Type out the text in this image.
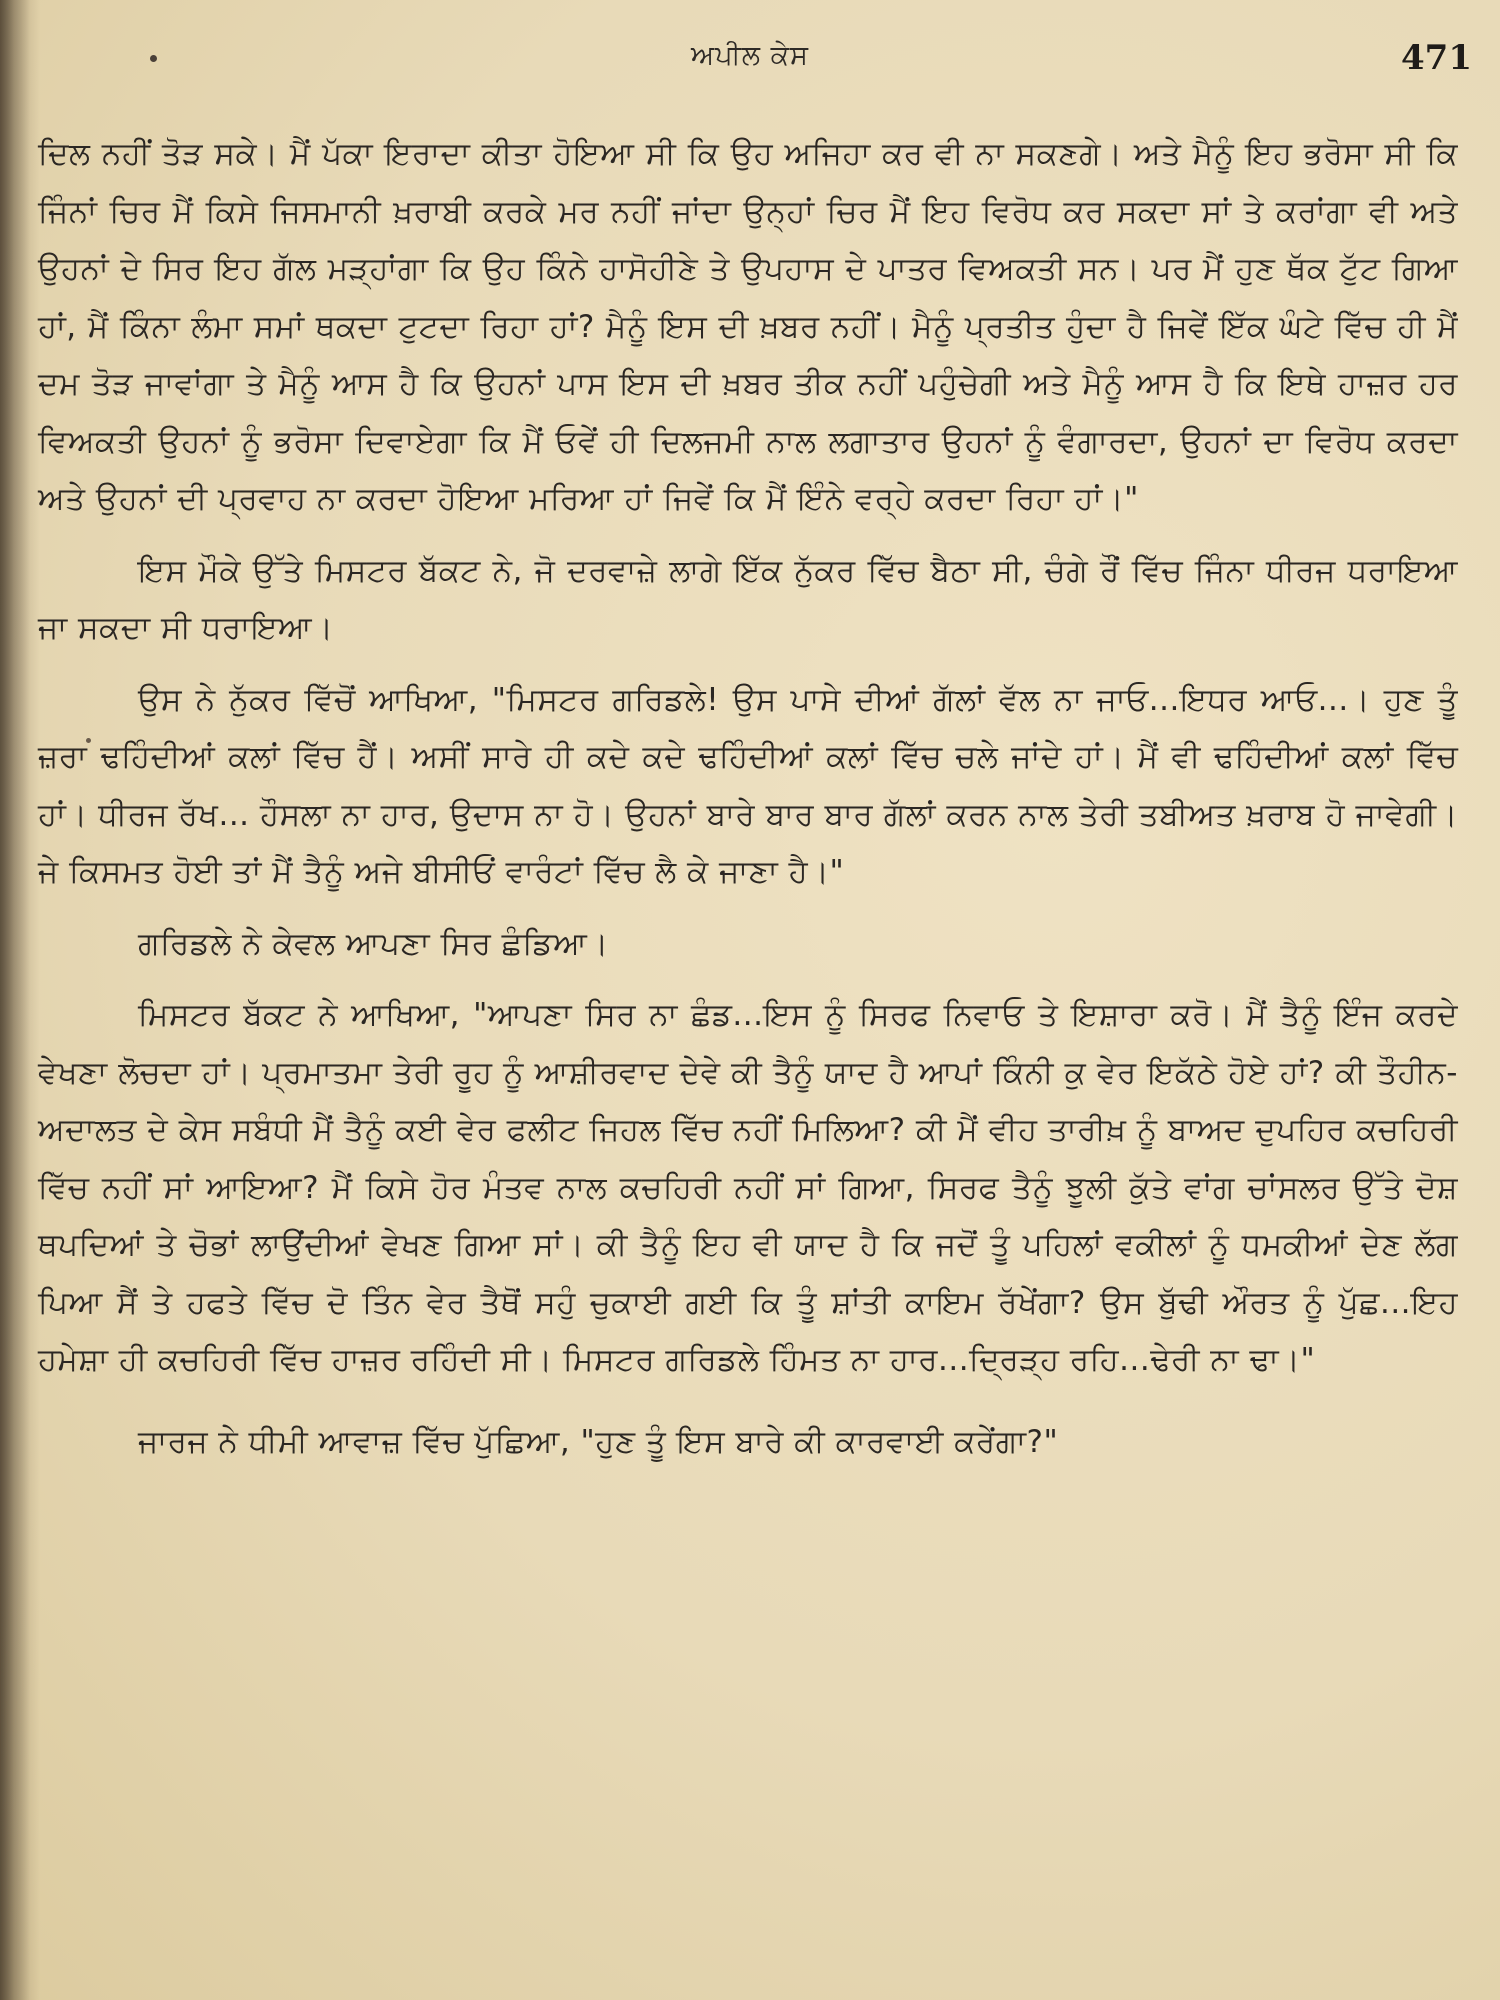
ਅਪੀਲ ਕੇਸ	471

ਦਿਲ ਨਹੀਂ ਤੋੜ ਸਕੇ। ਮੈਂ ਪੱਕਾ ਇਰਾਦਾ ਕੀਤਾ ਹੋਇਆ ਸੀ ਕਿ ਉਹ ਅਜਿਹਾ ਕਰ ਵੀ ਨਾ ਸਕਣਗੇ। ਅਤੇ ਮੈਨੂੰ ਇਹ ਭਰੋਸਾ ਸੀ ਕਿ ਜਿੰਨਾਂ ਚਿਰ ਮੈਂ ਕਿਸੇ ਜਿਸਮਾਨੀ ਖ਼ਰਾਬੀ ਕਰਕੇ ਮਰ ਨਹੀਂ ਜਾਂਦਾ ਉਨ੍ਹਾਂ ਚਿਰ ਮੈਂ ਇਹ ਵਿਰੋਧ ਕਰ ਸਕਦਾ ਸਾਂ ਤੇ ਕਰਾਂਗਾ ਵੀ ਅਤੇ ਉਹਨਾਂ ਦੇ ਸਿਰ ਇਹ ਗੱਲ ਮੜ੍ਹਾਂਗਾ ਕਿ ਉਹ ਕਿੰਨੇ ਹਾਸੋਹੀਣੇ ਤੇ ਉਪਹਾਸ ਦੇ ਪਾਤਰ ਵਿਅਕਤੀ ਸਨ। ਪਰ ਮੈਂ ਹੁਣ ਥੱਕ ਟੁੱਟ ਗਿਆ ਹਾਂ, ਮੈਂ ਕਿੰਨਾ ਲੰਮਾ ਸਮਾਂ ਥਕਦਾ ਟੁਟਦਾ ਰਿਹਾ ਹਾਂ? ਮੈਨੂੰ ਇਸ ਦੀ ਖ਼ਬਰ ਨਹੀਂ। ਮੈਨੂੰ ਪ੍ਰਤੀਤ ਹੁੰਦਾ ਹੈ ਜਿਵੇਂ ਇੱਕ ਘੰਟੇ ਵਿੱਚ ਹੀ ਮੈਂ ਦਮ ਤੋੜ ਜਾਵਾਂਗਾ ਤੇ ਮੈਨੂੰ ਆਸ ਹੈ ਕਿ ਉਹਨਾਂ ਪਾਸ ਇਸ ਦੀ ਖ਼ਬਰ ਤੀਕ ਨਹੀਂ ਪਹੁੰਚੇਗੀ ਅਤੇ ਮੈਨੂੰ ਆਸ ਹੈ ਕਿ ਇਥੇ ਹਾਜ਼ਰ ਹਰ ਵਿਅਕਤੀ ਉਹਨਾਂ ਨੂੰ ਭਰੋਸਾ ਦਿਵਾਏਗਾ ਕਿ ਮੈਂ ਓਵੇਂ ਹੀ ਦਿਲਜਮੀ ਨਾਲ ਲਗਾਤਾਰ ਉਹਨਾਂ ਨੂੰ ਵੰਗਾਰਦਾ, ਉਹਨਾਂ ਦਾ ਵਿਰੋਧ ਕਰਦਾ ਅਤੇ ਉਹਨਾਂ ਦੀ ਪ੍ਰਵਾਹ ਨਾ ਕਰਦਾ ਹੋਇਆ ਮਰਿਆ ਹਾਂ ਜਿਵੇਂ ਕਿ ਮੈਂ ਇੰਨੇ ਵਰ੍ਹੇ ਕਰਦਾ ਰਿਹਾ ਹਾਂ।"

ਇਸ ਮੌਕੇ ਉੱਤੇ ਮਿਸਟਰ ਬੱਕਟ ਨੇ, ਜੋ ਦਰਵਾਜ਼ੇ ਲਾਗੇ ਇੱਕ ਨੁੱਕਰ ਵਿੱਚ ਬੈਠਾ ਸੀ, ਚੰਗੇ ਰੌਂ ਵਿੱਚ ਜਿੰਨਾ ਧੀਰਜ ਧਰਾਇਆ ਜਾ ਸਕਦਾ ਸੀ ਧਰਾਇਆ।

ਉਸ ਨੇ ਨੁੱਕਰ ਵਿੱਚੋਂ ਆਖਿਆ, "ਮਿਸਟਰ ਗਰਿਡਲੇ! ਉਸ ਪਾਸੇ ਦੀਆਂ ਗੱਲਾਂ ਵੱਲ ਨਾ ਜਾਓ...ਇਧਰ ਆਓ...। ਹੁਣ ਤੂੰ ਜ਼ਰਾ ਢਹਿੰਦੀਆਂ ਕਲਾਂ ਵਿੱਚ ਹੈਂ। ਅਸੀਂ ਸਾਰੇ ਹੀ ਕਦੇ ਕਦੇ ਢਹਿੰਦੀਆਂ ਕਲਾਂ ਵਿੱਚ ਚਲੇ ਜਾਂਦੇ ਹਾਂ। ਮੈਂ ਵੀ ਢਹਿੰਦੀਆਂ ਕਲਾਂ ਵਿੱਚ ਹਾਂ। ਧੀਰਜ ਰੱਖ... ਹੌਸਲਾ ਨਾ ਹਾਰ, ਉਦਾਸ ਨਾ ਹੋ। ਉਹਨਾਂ ਬਾਰੇ ਬਾਰ ਬਾਰ ਗੱਲਾਂ ਕਰਨ ਨਾਲ ਤੇਰੀ ਤਬੀਅਤ ਖ਼ਰਾਬ ਹੋ ਜਾਵੇਗੀ। ਜੇ ਕਿਸਮਤ ਹੋਈ ਤਾਂ ਮੈਂ ਤੈਨੂੰ ਅਜੇ ਬੀਸੀਓਂ ਵਾਰੰਟਾਂ ਵਿੱਚ ਲੈ ਕੇ ਜਾਣਾ ਹੈ।"

ਗਰਿਡਲੇ ਨੇ ਕੇਵਲ ਆਪਣਾ ਸਿਰ ਛੰਡਿਆ।

ਮਿਸਟਰ ਬੱਕਟ ਨੇ ਆਖਿਆ, "ਆਪਣਾ ਸਿਰ ਨਾ ਛੰਡ...ਇਸ ਨੂੰ ਸਿਰਫ ਨਿਵਾਓ ਤੇ ਇਸ਼ਾਰਾ ਕਰੋ। ਮੈਂ ਤੈਨੂੰ ਇੰਜ ਕਰਦੇ ਵੇਖਣਾ ਲੋਚਦਾ ਹਾਂ। ਪ੍ਰਮਾਤਮਾ ਤੇਰੀ ਰੂਹ ਨੂੰ ਆਸ਼ੀਰਵਾਦ ਦੇਵੇ ਕੀ ਤੈਨੂੰ ਯਾਦ ਹੈ ਆਪਾਂ ਕਿੰਨੀ ਕੁ ਵੇਰ ਇਕੱਠੇ ਹੋਏ ਹਾਂ? ਕੀ ਤੌਹੀਨ-ਅਦਾਲਤ ਦੇ ਕੇਸ ਸਬੰਧੀ ਮੈਂ ਤੈਨੂੰ ਕਈ ਵੇਰ ਫਲੀਟ ਜਿਹਲ ਵਿੱਚ ਨਹੀਂ ਮਿਲਿਆ? ਕੀ ਮੈਂ ਵੀਹ ਤਾਰੀਖ਼ ਨੂੰ ਬਾਅਦ ਦੁਪਹਿਰ ਕਚਹਿਰੀ ਵਿੱਚ ਨਹੀਂ ਸਾਂ ਆਇਆ? ਮੈਂ ਕਿਸੇ ਹੋਰ ਮੰਤਵ ਨਾਲ ਕਚਹਿਰੀ ਨਹੀਂ ਸਾਂ ਗਿਆ, ਸਿਰਫ ਤੈਨੂੰ ਝੂਲੀ ਕੁੱਤੇ ਵਾਂਗ ਚਾਂਸਲਰ ਉੱਤੇ ਦੋਸ਼ ਥਪਦਿਆਂ ਤੇ ਚੋਭਾਂ ਲਾਉਂਦੀਆਂ ਵੇਖਣ ਗਿਆ ਸਾਂ। ਕੀ ਤੈਨੂੰ ਇਹ ਵੀ ਯਾਦ ਹੈ ਕਿ ਜਦੋਂ ਤੂੰ ਪਹਿਲਾਂ ਵਕੀਲਾਂ ਨੂੰ ਧਮਕੀਆਂ ਦੇਣ ਲੱਗ ਪਿਆ ਸੈਂ ਤੇ ਹਫਤੇ ਵਿੱਚ ਦੋ ਤਿੰਨ ਵੇਰ ਤੈਥੋਂ ਸਹੁੰ ਚੁਕਾਈ ਗਈ ਕਿ ਤੂੰ ਸ਼ਾਂਤੀ ਕਾਇਮ ਰੱਖੇਂਗਾ? ਉਸ ਬੁੱਢੀ ਔਰਤ ਨੂੰ ਪੁੱਛ...ਇਹ ਹਮੇਸ਼ਾ ਹੀ ਕਚਹਿਰੀ ਵਿੱਚ ਹਾਜ਼ਰ ਰਹਿੰਦੀ ਸੀ। ਮਿਸਟਰ ਗਰਿਡਲੇ ਹਿੰਮਤ ਨਾ ਹਾਰ...ਦ੍ਰਿੜ੍ਹ ਰਹਿ...ਢੇਰੀ ਨਾ ਢਾ।"

ਜਾਰਜ ਨੇ ਧੀਮੀ ਆਵਾਜ਼ ਵਿੱਚ ਪੁੱਛਿਆ, "ਹੁਣ ਤੂੰ ਇਸ ਬਾਰੇ ਕੀ ਕਾਰਵਾਈ ਕਰੇਂਗਾ?"
